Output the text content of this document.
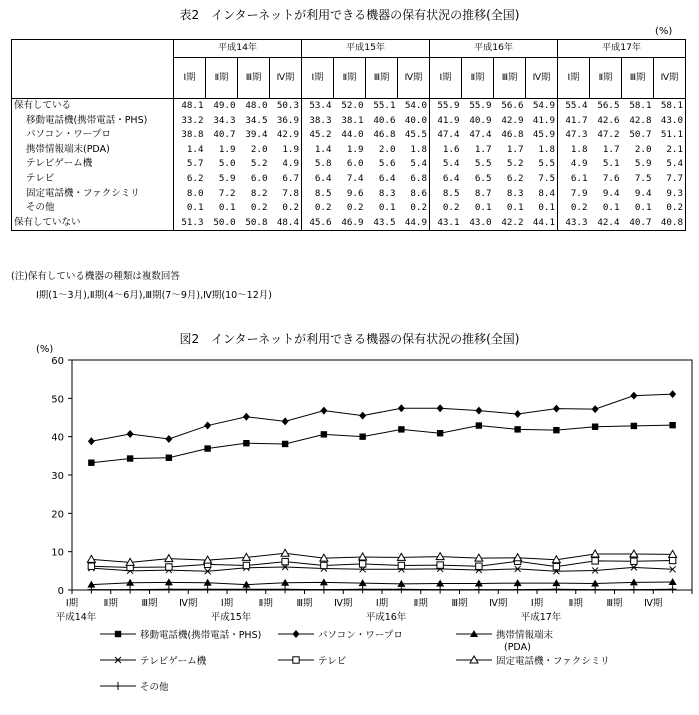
表2　インターネットが利用できる機器の保有状況の推移(全国)
(%)
	平成14年				平成15年				平成16年				平成17年			
	Ⅰ期	Ⅱ期	Ⅲ期	Ⅳ期	Ⅰ期	Ⅱ期	Ⅲ期	Ⅳ期	Ⅰ期	Ⅱ期	Ⅲ期	Ⅳ期	Ⅰ期	Ⅱ期	Ⅲ期	Ⅳ期
保有している	48.1	49.0	48.0	50.3	53.4	52.0	55.1	54.0	55.9	55.9	56.6	54.9	55.4	56.5	58.1	58.1
移動電話機(携帯電話・PHS)	33.2	34.3	34.5	36.9	38.3	38.1	40.6	40.0	41.9	40.9	42.9	41.9	41.7	42.6	42.8	43.0
パソコン・ワープロ	38.8	40.7	39.4	42.9	45.2	44.0	46.8	45.5	47.4	47.4	46.8	45.9	47.3	47.2	50.7	51.1
携帯情報端末(PDA)	1.4	1.9	2.0	1.9	1.4	1.9	2.0	1.8	1.6	1.7	1.7	1.8	1.8	1.7	2.0	2.1
テレビゲーム機	5.7	5.0	5.2	4.9	5.8	6.0	5.6	5.4	5.4	5.5	5.2	5.5	4.9	5.1	5.9	5.4
テレビ	6.2	5.9	6.0	6.7	6.4	7.4	6.4	6.8	6.4	6.5	6.2	7.5	6.1	7.6	7.5	7.7
固定電話機・ファクシミリ	8.0	7.2	8.2	7.8	8.5	9.6	8.3	8.6	8.5	8.7	8.3	8.4	7.9	9.4	9.4	9.3
その他	0.1	0.1	0.2	0.2	0.2	0.2	0.1	0.2	0.2	0.1	0.1	0.1	0.2	0.1	0.1	0.2
保有していない	51.3	50.0	50.8	48.4	45.6	46.9	43.5	44.9	43.1	43.0	42.2	44.1	43.3	42.4	40.7	40.8
(注)保有している機器の種類は複数回答
Ⅰ期(1～3月),Ⅱ期(4～6月),Ⅲ期(7～9月),Ⅳ期(10～12月)
図2　インターネットが利用できる機器の保有状況の推移(全国)
0
10
20
30
40
50
60
(%)
Ⅰ期	Ⅱ期 Ⅲ期 Ⅳ期 Ⅰ期	Ⅱ期 Ⅲ期 Ⅳ期 Ⅰ期	Ⅱ期 Ⅲ期 Ⅳ期 Ⅰ期	Ⅱ期 Ⅲ期 Ⅳ期
平成14年	平成15年	平成16年	平成17年
移動電話機(携帯電話・PHS)	パソコン・ワープロ	携帯情報端末
(PDA)
テレビゲーム機	テレビ	固定電話機・ファクシミリ
その他
